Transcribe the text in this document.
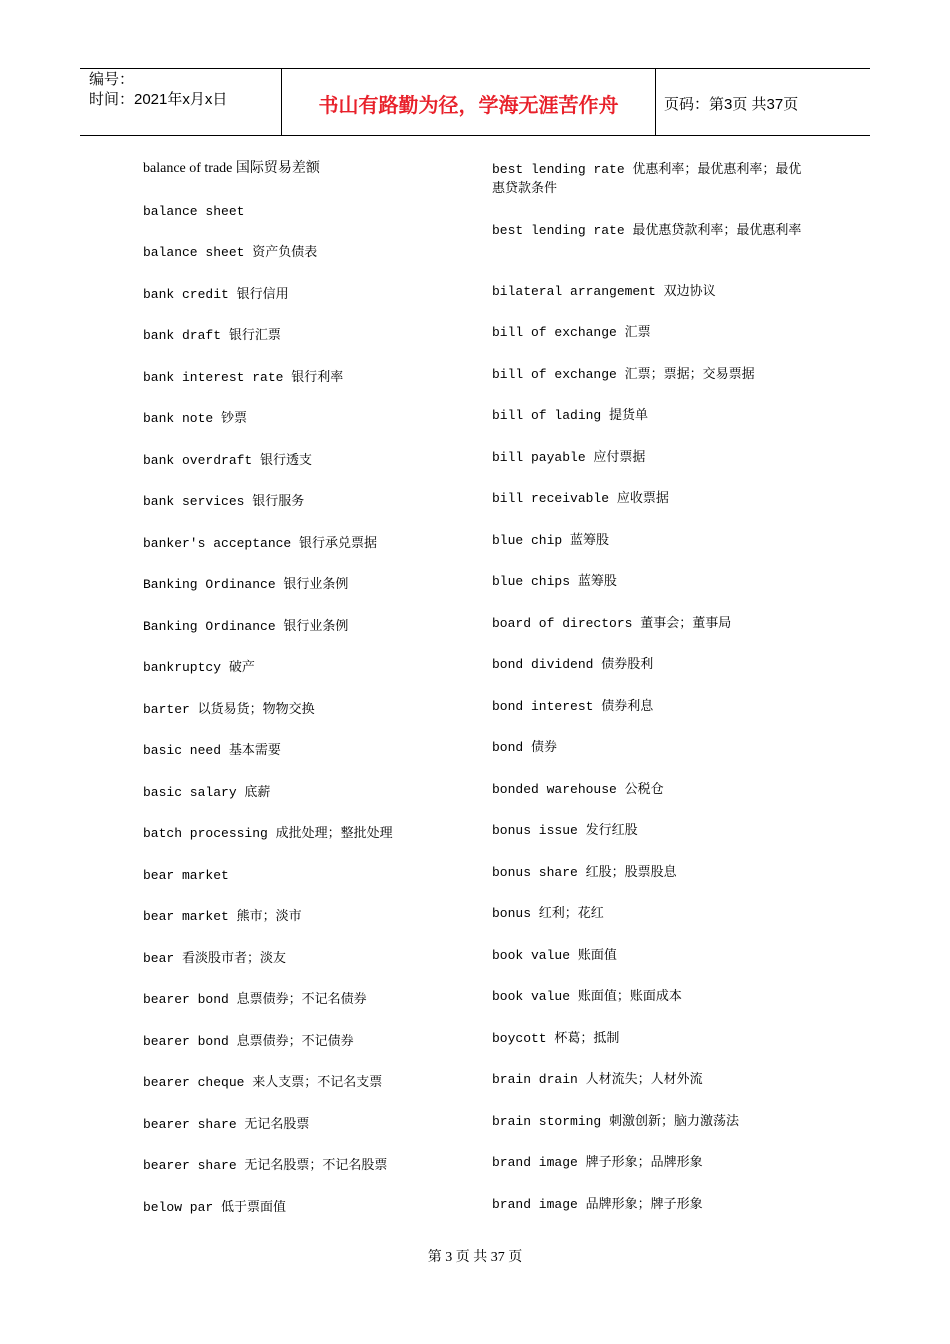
编号：
时间：2021年x月x日	书山有路勤为径，学海无涯苦作舟	页码：第3页 共37页
balance of trade 国际贸易差额
balance sheet
balance sheet 资产负债表
bank credit 银行信用
bank draft 银行汇票
bank interest rate 银行利率
bank note 钞票
bank overdraft 银行透支
bank services 银行服务
banker's acceptance 银行承兑票据
Banking Ordinance 银行业条例
Banking Ordinance 银行业条例
bankruptcy 破产
barter 以货易货；物物交换
basic need 基本需要
basic salary 底薪
batch processing 成批处理；整批处理
bear market
bear market 熊市；淡市
bear 看淡股市者；淡友
bearer bond 息票债券；不记名债券
bearer bond 息票债券；不记债券
bearer cheque 来人支票；不记名支票
bearer share 无记名股票
bearer share 无记名股票；不记名股票
below par 低于票面值
best lending rate 优惠利率；最优惠利率；最优惠贷款条件
best lending rate 最优惠贷款利率；最优惠利率
bilateral arrangement 双边协议
bill of exchange 汇票
bill of exchange 汇票；票据；交易票据
bill of lading 提货单
bill payable 应付票据
bill receivable 应收票据
blue chip 蓝筹股
blue chips 蓝筹股
board of directors 董事会；董事局
bond dividend 债券股利
bond interest 债券利息
bond 债券
bonded warehouse 公税仓
bonus issue 发行红股
bonus share 红股；股票股息
bonus 红利；花红
book value 账面值
book value 账面值；账面成本
boycott 杯葛；抵制
brain drain 人材流失；人材外流
brain storming 刺激创新；脑力激荡法
brand image 牌子形象；品牌形象
brand image 品牌形象；牌子形象
第 3 页 共 37 页
